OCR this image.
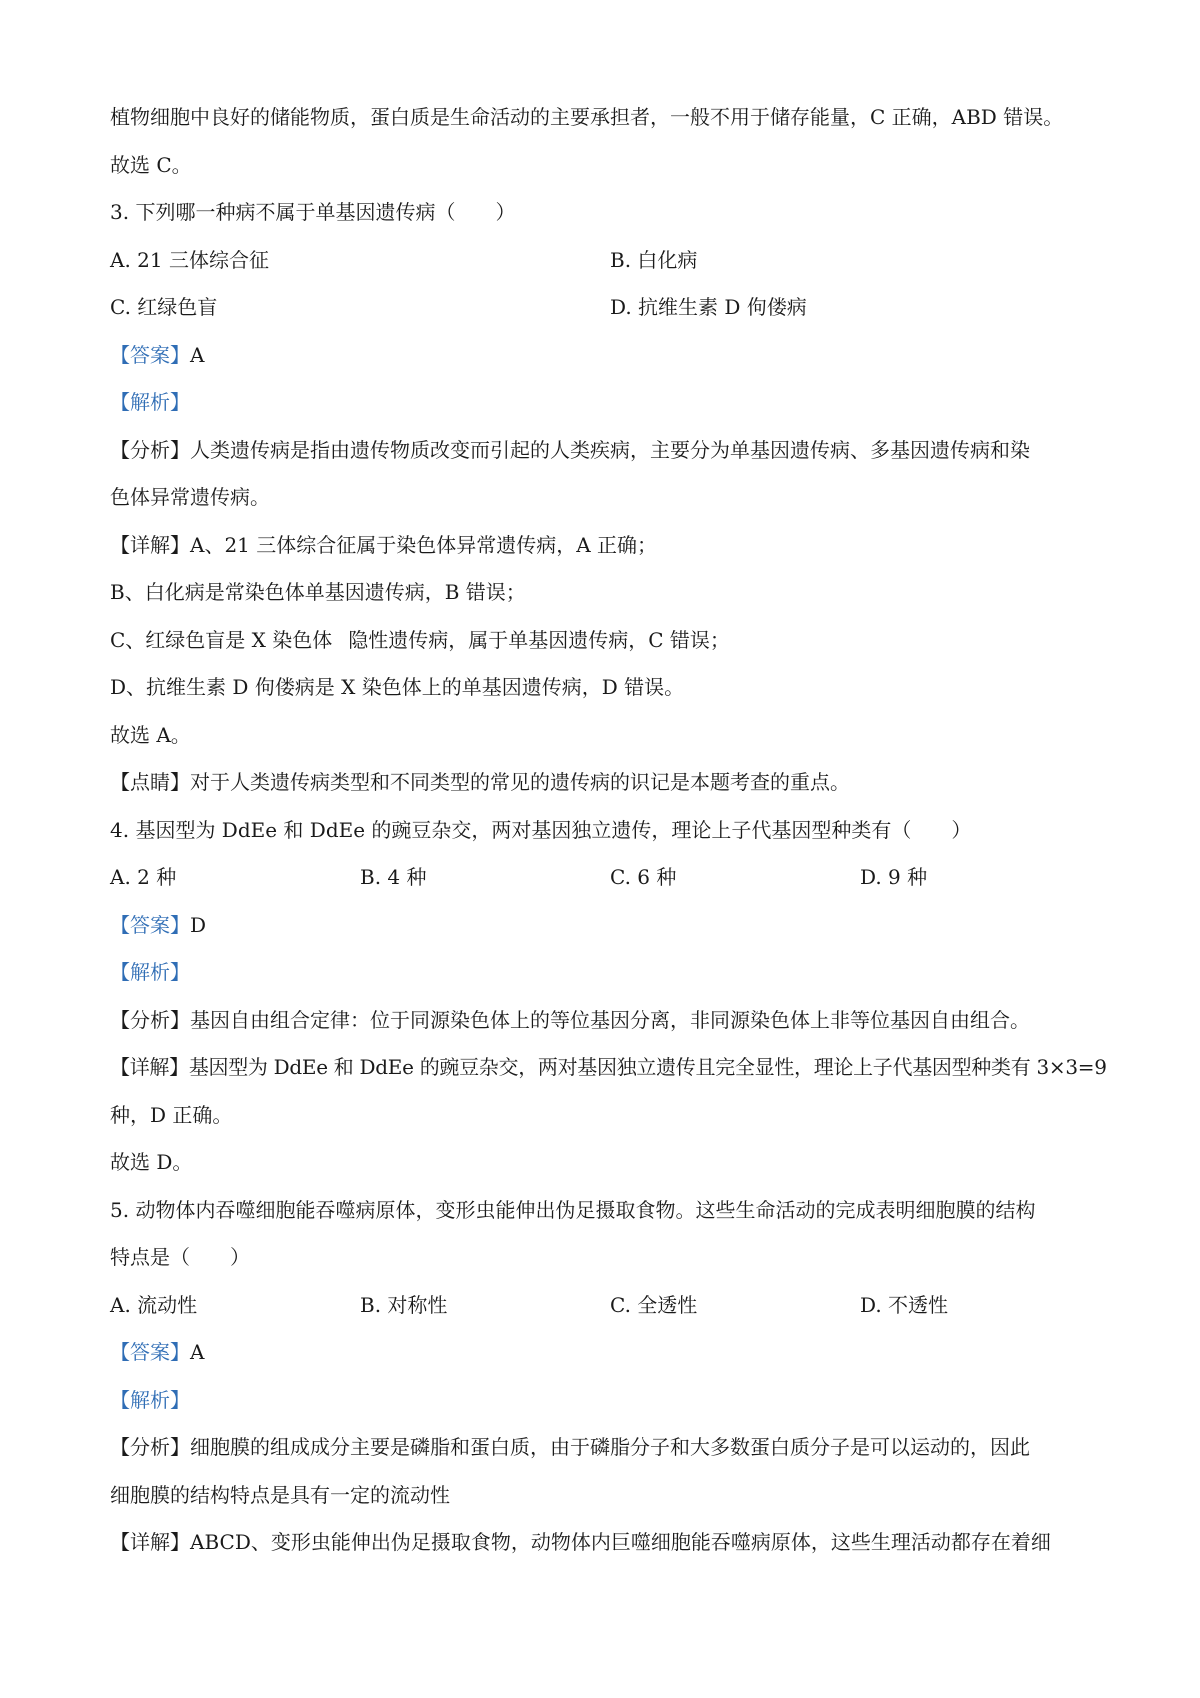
植物细胞中良好的储能物质，蛋白质是生命活动的主要承担者，一般不用于储存能量，C 正确，ABD 错误。
故选 C。
3. 下列哪一种病不属于单基因遗传病（　　）
A. 21 三体综合征	B. 白化病
C. 红绿色盲	D. 抗维生素 D 佝偻病
【答案】A
【解析】
【分析】人类遗传病是指由遗传物质改变而引起的人类疾病，主要分为单基因遗传病、多基因遗传病和染
色体异常遗传病。
【详解】A、21 三体综合征属于染色体异常遗传病，A 正确；
B、白化病是常染色体单基因遗传病，B 错误；
C、红绿色盲是 X 染色体 隐性遗传病，属于单基因遗传病，C 错误；
D、抗维生素 D 佝偻病是 X 染色体上的单基因遗传病，D 错误。
故选 A。
【点睛】对于人类遗传病类型和不同类型的常见的遗传病的识记是本题考查的重点。
4. 基因型为 DdEe 和 DdEe 的豌豆杂交，两对基因独立遗传，理论上子代基因型种类有（　　）
A. 2 种	B. 4 种	C. 6 种	D. 9 种
【答案】D
【解析】
【分析】基因自由组合定律：位于同源染色体上的等位基因分离，非同源染色体上非等位基因自由组合。
【详解】基因型为 DdEe 和 DdEe 的豌豆杂交，两对基因独立遗传且完全显性，理论上子代基因型种类有 3×3=9
种，D 正确。
故选 D。
5. 动物体内吞噬细胞能吞噬病原体，变形虫能伸出伪足摄取食物。这些生命活动的完成表明细胞膜的结构
特点是（　　）
A. 流动性	B. 对称性	C. 全透性	D. 不透性
【答案】A
【解析】
【分析】细胞膜的组成成分主要是磷脂和蛋白质，由于磷脂分子和大多数蛋白质分子是可以运动的，因此
细胞膜的结构特点是具有一定的流动性
【详解】ABCD、变形虫能伸出伪足摄取食物，动物体内巨噬细胞能吞噬病原体，这些生理活动都存在着细
